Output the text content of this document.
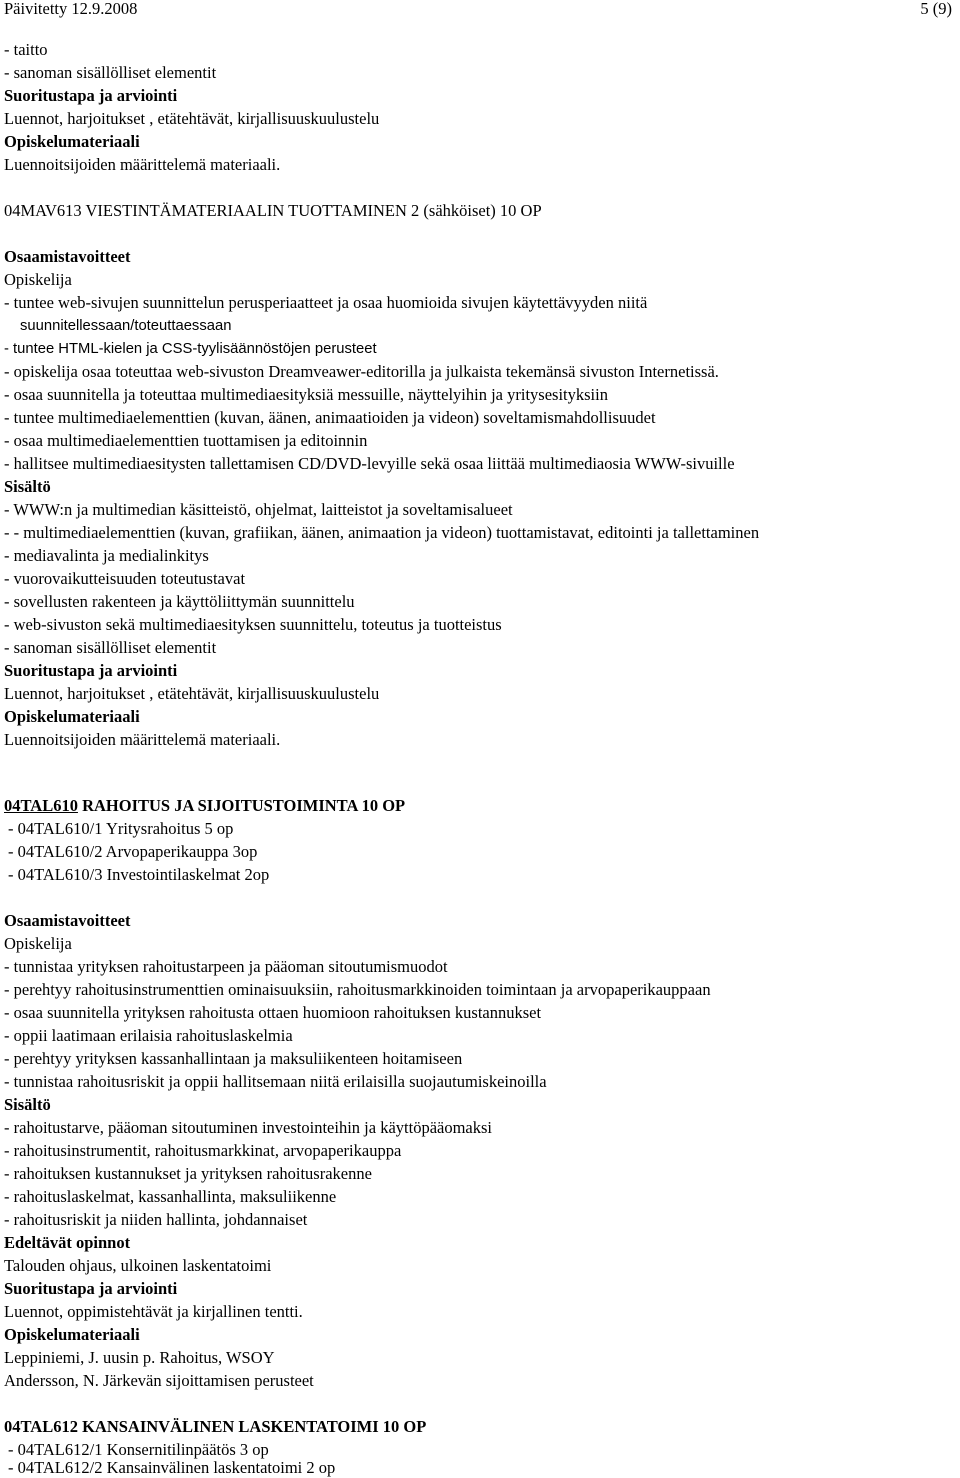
Päivitetty 12.9.2008	5 (9)
- taitto
- sanoman sisällölliset elementit
Suoritustapa ja arviointi
Luennot, harjoitukset , etätehtävät, kirjallisuuskuulustelu
Opiskelumateriaali
Luennoitsijoiden määrittelemä materiaali.
04MAV613 VIESTINTÄMATERIAALIN TUOTTAMINEN 2 (sähköiset) 10 OP
Osaamistavoitteet
Opiskelija
- tuntee web-sivujen suunnittelun perusperiaatteet ja osaa huomioida sivujen käytettävyyden niitä
suunnitellessaan/toteuttaessaan
- tuntee HTML-kielen ja CSS-tyylisäännöstöjen perusteet
- opiskelija osaa toteuttaa web-sivuston Dreamveawer-editorilla ja julkaista tekemänsä sivuston Internetissä.
- osaa suunnitella ja toteuttaa multimediaesityksiä messuille, näyttelyihin ja yritysesityksiin
- tuntee multimediaelementtien (kuvan, äänen, animaatioiden ja videon) soveltamismahdollisuudet
- osaa multimediaelementtien tuottamisen ja editoinnin
- hallitsee multimediaesitysten tallettamisen CD/DVD-levyille sekä osaa liittää multimediaosia WWW-sivuille
Sisältö
- WWW:n ja multimedian käsitteistö, ohjelmat, laitteistot ja soveltamisalueet
- - multimediaelementtien (kuvan, grafiikan, äänen, animaation ja videon) tuottamistavat, editointi ja tallettaminen
- mediavalinta ja medialinkitys
- vuorovaikutteisuuden toteutustavat
- sovellusten rakenteen ja käyttöliittymän suunnittelu
- web-sivuston sekä multimediaesityksen suunnittelu, toteutus ja tuotteistus
- sanoman sisällölliset elementit
Suoritustapa ja arviointi
Luennot, harjoitukset , etätehtävät, kirjallisuuskuulustelu
Opiskelumateriaali
Luennoitsijoiden määrittelemä materiaali.
04TAL610 RAHOITUS JA SIJOITUSTOIMINTA 10 OP
- 04TAL610/1 Yritysrahoitus 5 op
- 04TAL610/2 Arvopaperikauppa 3op
- 04TAL610/3 Investointilaskelmat 2op
Osaamistavoitteet
Opiskelija
- tunnistaa yrityksen rahoitustarpeen ja pääoman sitoutumismuodot
- perehtyy rahoitusinstrumenttien ominaisuuksiin, rahoitusmarkkinoiden toimintaan ja arvopaperikauppaan
- osaa suunnitella yrityksen rahoitusta ottaen huomioon rahoituksen kustannukset
- oppii laatimaan erilaisia rahoituslaskelmia
- perehtyy yrityksen kassanhallintaan ja maksuliikenteen hoitamiseen
- tunnistaa rahoitusriskit ja oppii hallitsemaan niitä erilaisilla suojautumiskeinoilla
Sisältö
- rahoitustarve, pääoman sitoutuminen investointeihin ja käyttöpääomaksi
- rahoitusinstrumentit, rahoitusmarkkinat, arvopaperikauppa
- rahoituksen kustannukset ja yrityksen rahoitusrakenne
- rahoituslaskelmat, kassanhallinta, maksuliikenne
- rahoitusriskit ja niiden hallinta, johdannaiset
Edeltävät opinnot
Talouden ohjaus, ulkoinen laskentatoimi
Suoritustapa ja arviointi
Luennot, oppimistehtävät ja kirjallinen tentti.
Opiskelumateriaali
Leppiniemi, J. uusin p. Rahoitus, WSOY
Andersson, N. Järkevän sijoittamisen perusteet
04TAL612 KANSAINVÄLINEN LASKENTATOIMI 10 OP
- 04TAL612/1 Konsernitilinpäätös 3 op
- 04TAL612/2 Kansainvälinen laskentatoimi 2 op
